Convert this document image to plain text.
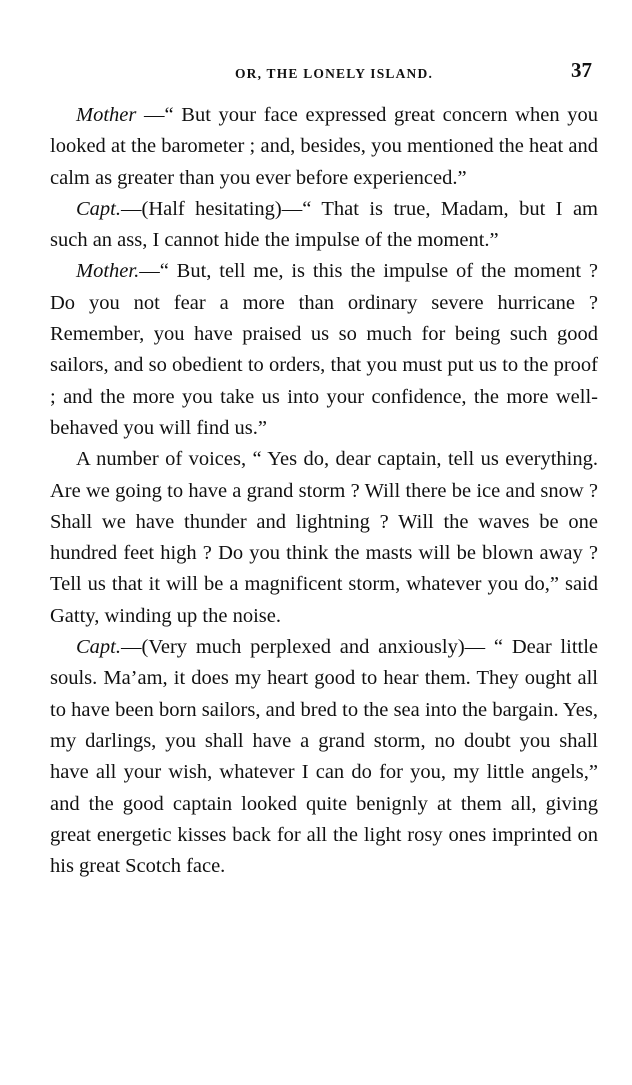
OR, THE LONELY ISLAND.	37

Mother —“ But your face expressed great concern when you looked at the barometer ; and, besides, you mentioned the heat and calm as greater than you ever before experienced.”

Capt.—(Half hesitating)—“ That is true, Madam, but I am such an ass, I cannot hide the impulse of the moment.”

Mother.—“ But, tell me, is this the impulse of the moment ? Do you not fear a more than ordinary severe hurricane ? Remember, you have praised us so much for being such good sailors, and so obedient to orders, that you must put us to the proof ; and the more you take us into your confidence, the more well-behaved you will find us.”

A number of voices, “ Yes do, dear captain, tell us everything. Are we going to have a grand storm ? Will there be ice and snow ? Shall we have thunder and lightning ? Will the waves be one hundred feet high ? Do you think the masts will be blown away ? Tell us that it will be a magnificent storm, whatever you do,” said Gatty, winding up the noise.

Capt.—(Very much perplexed and anxiously)— “ Dear little souls. Ma’am, it does my heart good to hear them. They ought all to have been born sailors, and bred to the sea into the bargain. Yes, my darlings, you shall have a grand storm, no doubt you shall have all your wish, whatever I can do for you, my little angels,” and the good captain looked quite benignly at them all, giving great energetic kisses back for all the light rosy ones imprinted on his great Scotch face.
